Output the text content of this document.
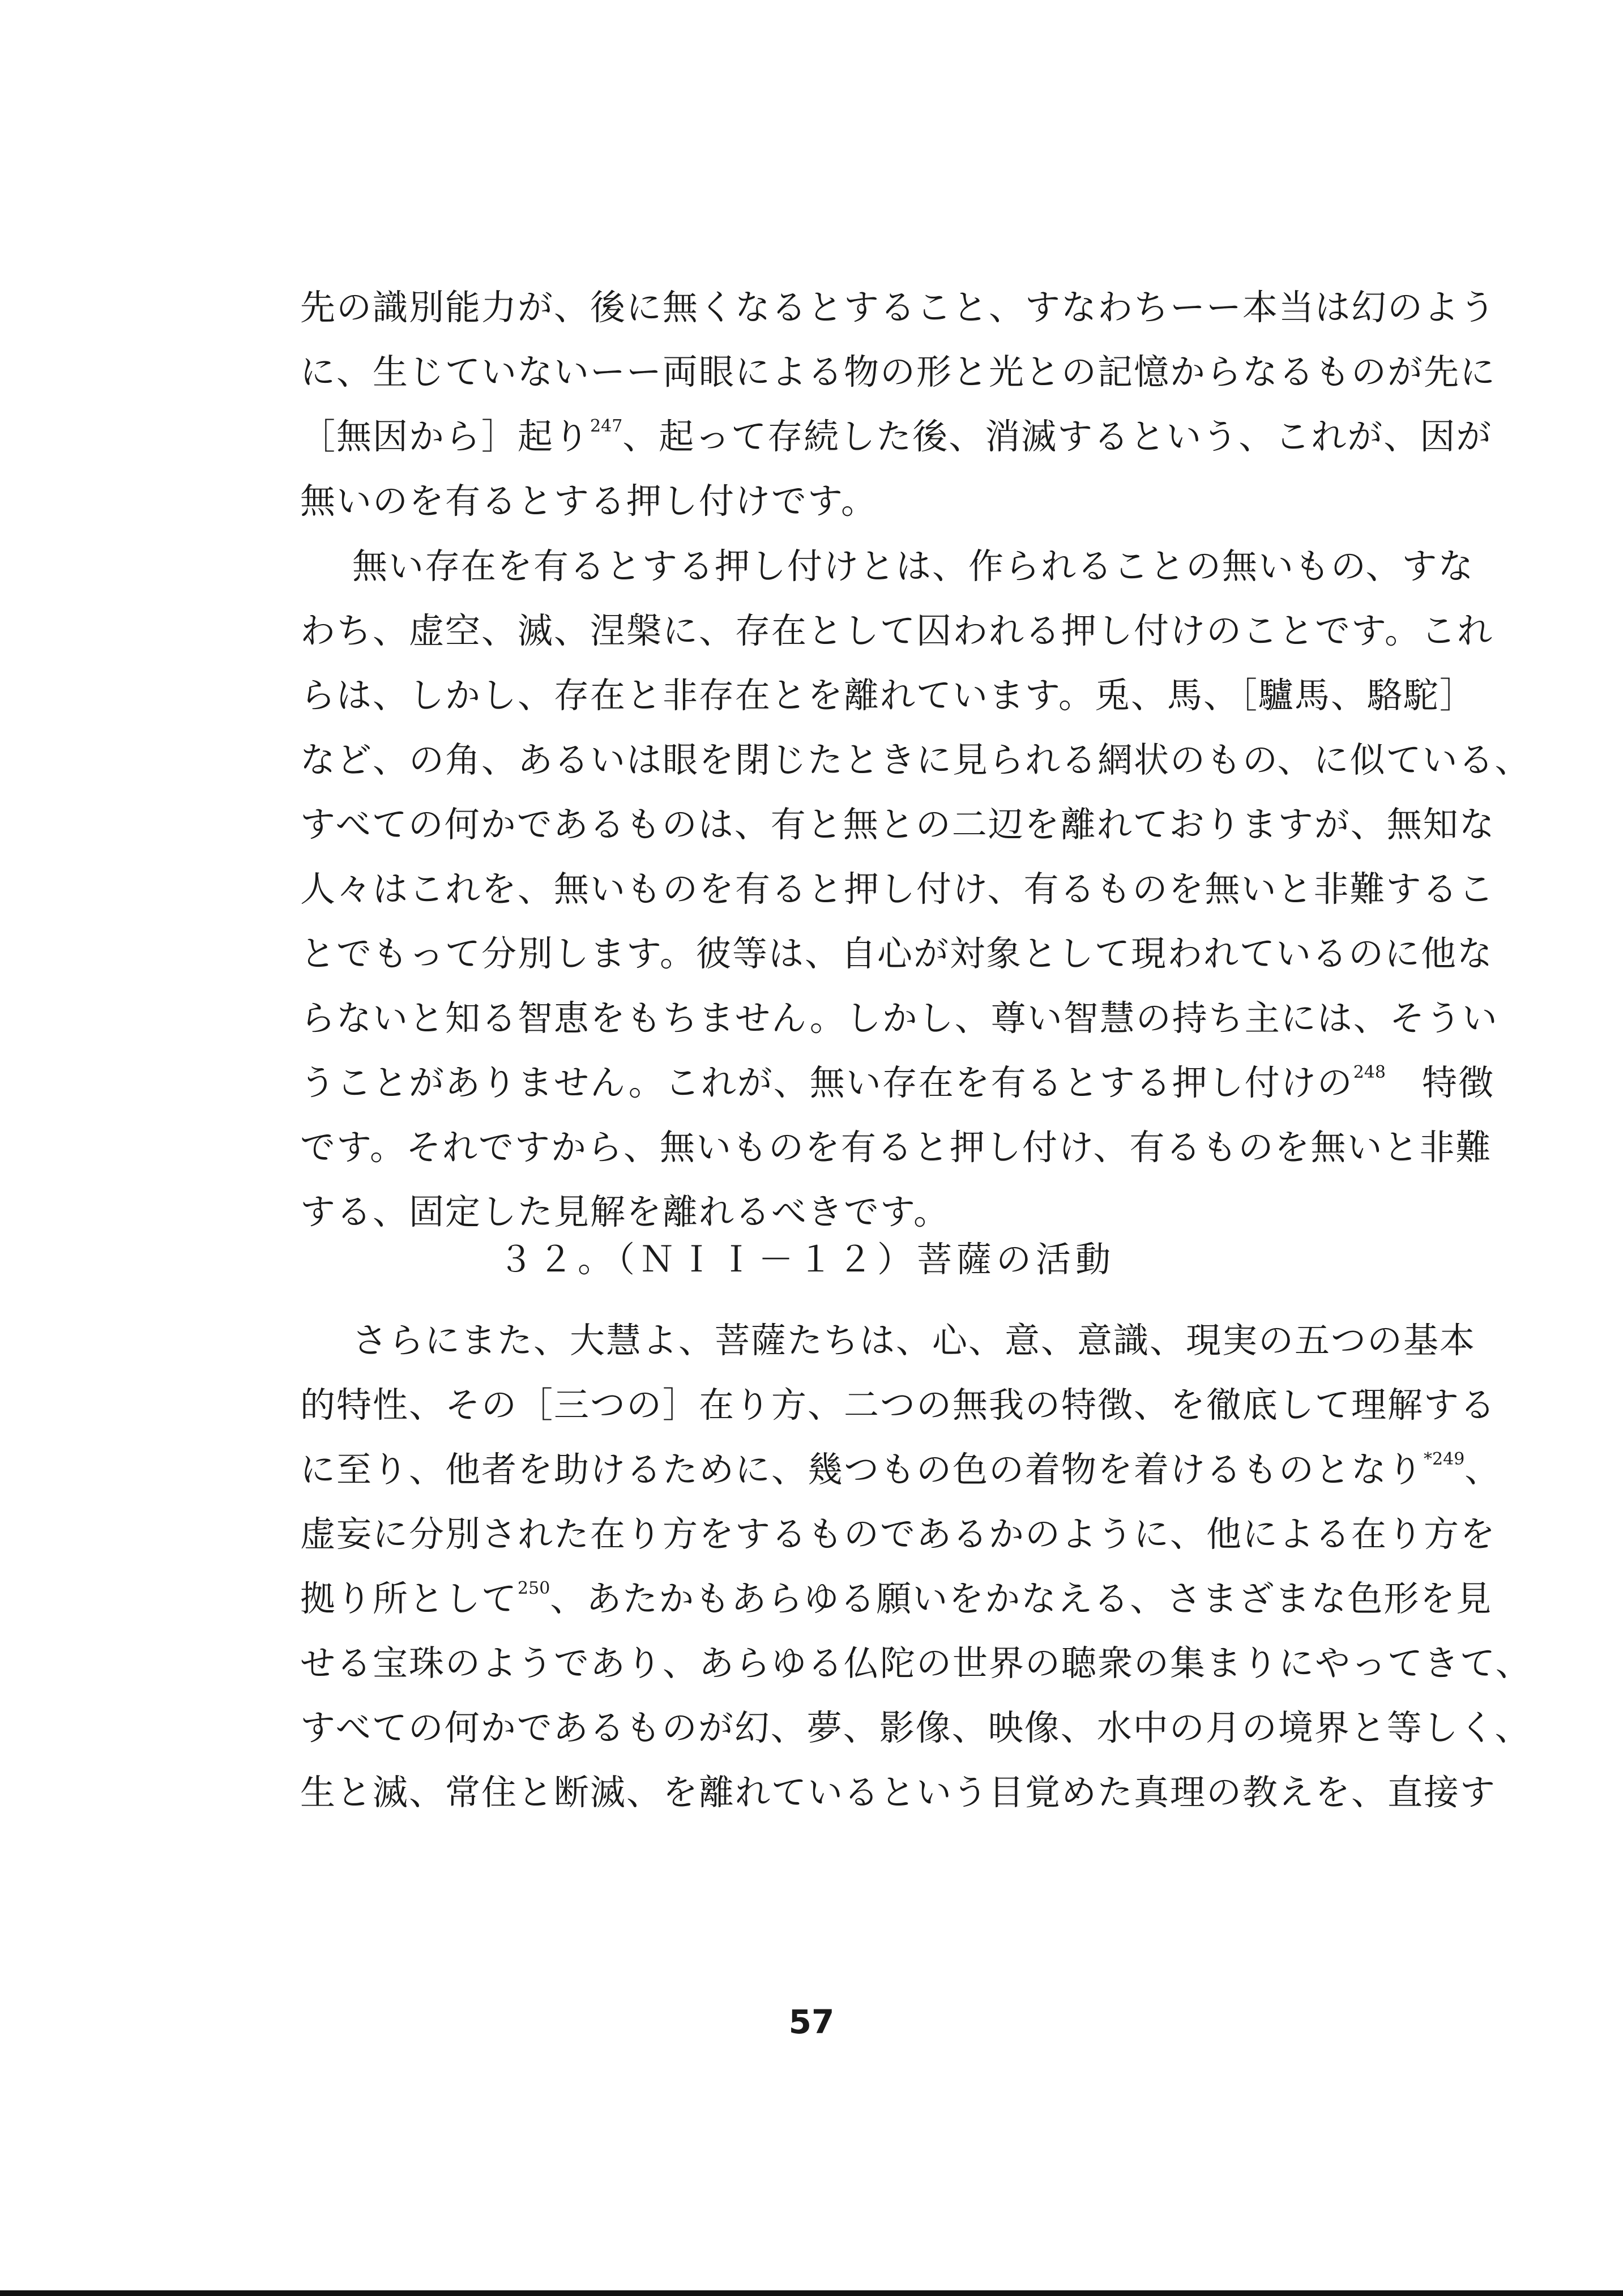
先の識別能力が、後に無くなるとすること、すなわちーー本当は幻のよう
に、生じていないーー両眼による物の形と光との記憶からなるものが先に
［無因から］起り$^{247}$、起って存続した後、消滅するという、これが、因が
無いのを有るとする押し付けです。
無い存在を有るとする押し付けとは、作られることの無いもの、すな
わち、虚空、滅、涅槃に、存在として囚われる押し付けのことです。これ
らは、しかし、存在と非存在とを離れています。兎、馬、［驢馬、駱駝］
など、の角、あるいは眼を閉じたときに見られる網状のもの、に似ている、
すべての何かであるものは、有と無との二辺を離れておりますが、無知な
人々はこれを、無いものを有ると押し付け、有るものを無いと非難するこ
とでもって分別します。彼等は、自心が対象として現われているのに他な
らないと知る智恵をもちません。しかし、尊い智慧の持ち主には、そうい
うことがありません。これが、無い存在を有るとする押し付けの$^{248}$　特徴
です。それですから、無いものを有ると押し付け、有るものを無いと非難
する、固定した見解を離れるべきです。
３２。（ＮＩＩ－１２）菩薩の活動
さらにまた、大慧よ、菩薩たちは、心、意、意識、現実の五つの基本
的特性、その［三つの］在り方、二つの無我の特徴、を徹底して理解する
に至り、他者を助けるために、幾つもの色の着物を着けるものとなり$^{*249}$、
虚妄に分別された在り方をするものであるかのように、他による在り方を
拠り所として$^{250}$、あたかもあらゆる願いをかなえる、さまざまな色形を見
せる宝珠のようであり、あらゆる仏陀の世界の聴衆の集まりにやってきて、
すべての何かであるものが幻、夢、影像、映像、水中の月の境界と等しく、
生と滅、常住と断滅、を離れているという目覚めた真理の教えを、直接す
57
